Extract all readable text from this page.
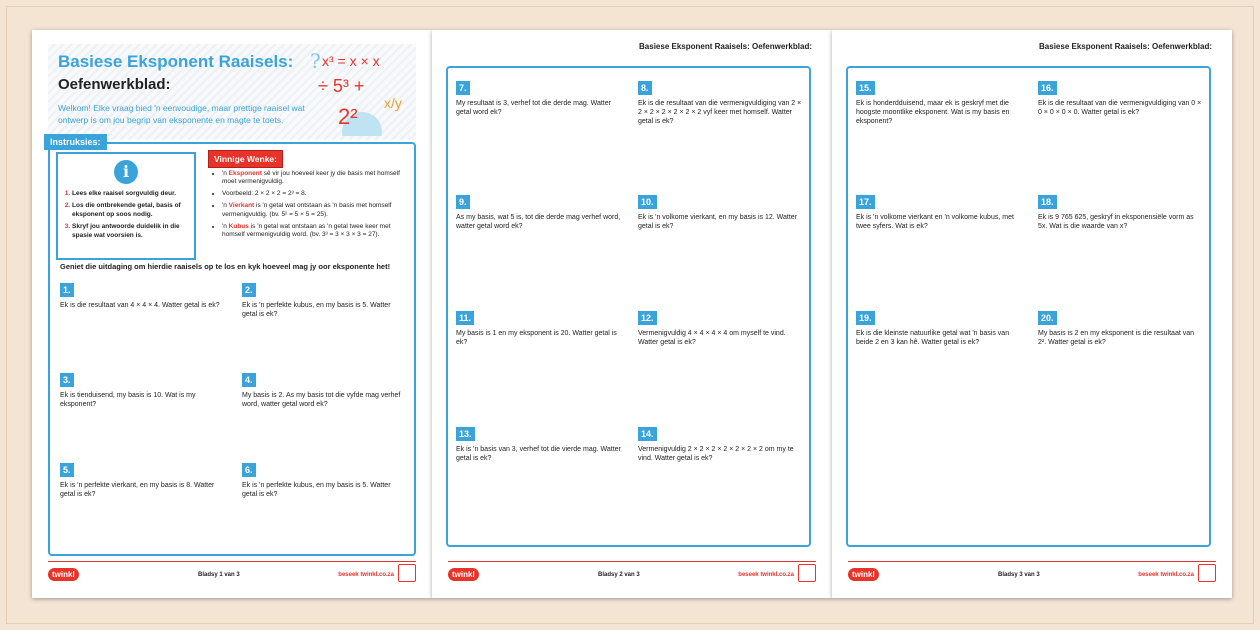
Basiese Eksponent Raaisels:
Oefenwerkblad:
Welkom! Elke vraag bied 'n eenvoudige, maar prettige raaisel wat ontwerp is om jou begrip van eksponente en magte te toets.
? x³ = x × x
÷ 5³ +
2²
x/y
Instruksies:
i
1. Lees elke raaisel sorgvuldig deur.
2. Los die ontbrekende getal, basis of eksponent op soos nodig.
3. Skryf jou antwoorde duidelik in die spasie wat voorsien is.
Vinnige Wenke:
• 'n Eksponent sê vir jou hoeveel keer jy die basis met homself moet vermenigvuldig.
• Voorbeeld: 2 × 2 × 2 = 2³ = 8.
• 'n Vierkant is 'n getal wat ontstaan as 'n basis met homself vermenigvuldig. (bv. 5² = 5 × 5 = 25).
• 'n Kubus is 'n getal wat ontstaan as 'n getal twee keer met homself vermenigvuldig word. (bv. 3³ = 3 × 3 × 3 = 27).
Geniet die uitdaging om hierdie raaisels op te los en kyk hoeveel mag jy oor eksponente het!
1.
Ek is die resultaat van 4 × 4 × 4. Watter getal is ek?
2.
Ek is 'n perfekte kubus, en my basis is 5. Watter getal is ek?
3.
Ek is tienduisend, my basis is 10. Wat is my eksponent?
4.
My basis is 2. As my basis tot die vyfde mag verhef word, watter getal word ek?
5.
Ek is 'n perfekte vierkant, en my basis is 8. Watter getal is ek?
6.
Ek is 'n perfekte kubus, en my basis is 5. Watter getal is ek?
twinkl	Bladsy 1 van 3	beseek twinkl.co.za
Basiese Eksponent Raaisels: Oefenwerkblad:
7.
My resultaat is 3, verhef tot die derde mag. Watter getal word ek?
8.
Ek is die resultaat van die vermenigvuldiging van 2 × 2 × 2 × 2 × 2 × 2 × 2 vyf keer met homself. Watter getal is ek?
9.
As my basis, wat 5 is, tot die derde mag verhef word, watter getal word ek?
10.
Ek is 'n volkome vierkant, en my basis is 12. Watter getal is ek?
11.
My basis is 1 en my eksponent is 20. Watter getal is ek?
12.
Vermenigvuldig 4 × 4 × 4 × 4 om myself te vind. Watter getal is ek?
13.
Ek is 'n basis van 3, verhef tot die vierde mag. Watter getal is ek?
14.
Vermenigvuldig 2 × 2 × 2 × 2 × 2 × 2 × 2 om my te vind. Watter getal is ek?
twinkl	Bladsy 2 van 3	beseek twinkl.co.za
Basiese Eksponent Raaisels: Oefenwerkblad:
15.
Ek is honderdduisend, maar ek is geskryf met die hoogste moontlike eksponent. Wat is my basis en eksponent?
16.
Ek is die resultaat van die vermenigvuldiging van 0 × 0 × 0 × 0 × 0. Watter getal is ek?
17.
Ek is 'n volkome vierkant en 'n volkome kubus, met twee syfers. Wat is ek?
18.
Ek is 9 765 625, geskryf in eksponensiële vorm as 5x. Wat is die waarde van x?
19.
Ek is die kleinste natuurlike getal wat 'n basis van beide 2 en 3 kan hê. Watter getal is ek?
20.
My basis is 2 en my eksponent is die resultaat van 2². Watter getal is ek?
twinkl	Bladsy 3 van 3	beseek twinkl.co.za
